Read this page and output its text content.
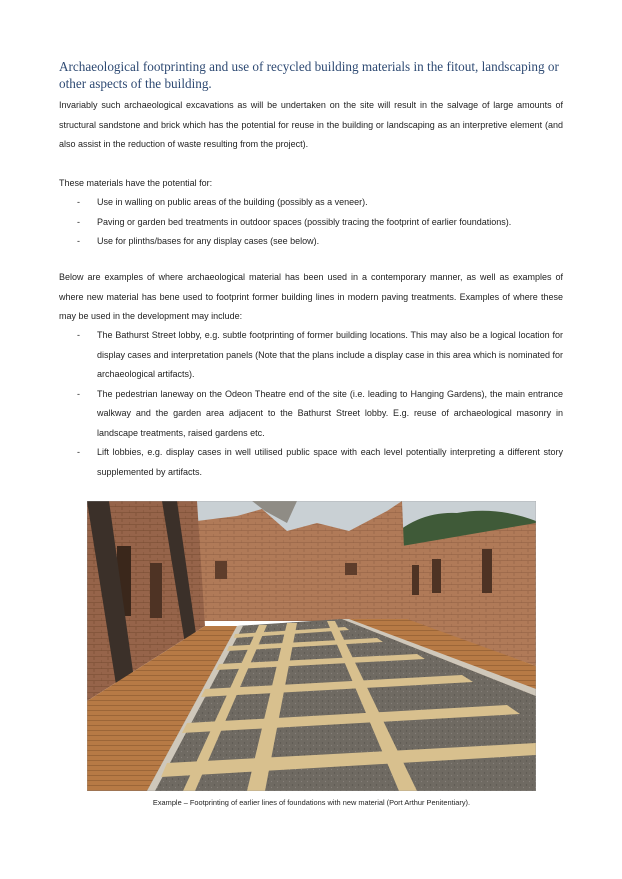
Archaeological footprinting and use of recycled building materials in the fitout, landscaping or other aspects of the building.

Invariably such archaeological excavations as will be undertaken on the site will result in the salvage of large amounts of structural sandstone and brick which has the potential for reuse in the building or landscaping as an interpretive element (and also assist in the reduction of waste resulting from the project).

These materials have the potential for:

- Use in walling on public areas of the building (possibly as a veneer).
- Paving or garden bed treatments in outdoor spaces (possibly tracing the footprint of earlier foundations).
- Use for plinths/bases for any display cases (see below).

Below are examples of where archaeological material has been used in a contemporary manner, as well as examples of where new material has bene used to footprint former building lines in modern paving treatments. Examples of where these may be used in the development may include:

- The Bathurst Street lobby, e.g. subtle footprinting of former building locations. This may also be a logical location for display cases and interpretation panels (Note that the plans include a display case in this area which is nominated for archaeological artifacts).
- The pedestrian laneway on the Odeon Theatre end of the site (i.e. leading to Hanging Gardens), the main entrance walkway and the garden area adjacent to the Bathurst Street lobby. E.g. reuse of archaeological masonry in landscape treatments, raised gardens etc.
- Lift lobbies, e.g. display cases in well utilised public space with each level potentially interpreting a different story supplemented by artifacts.

Example – Footprinting of earlier lines of foundations with new material (Port Arthur Penitentiary).
